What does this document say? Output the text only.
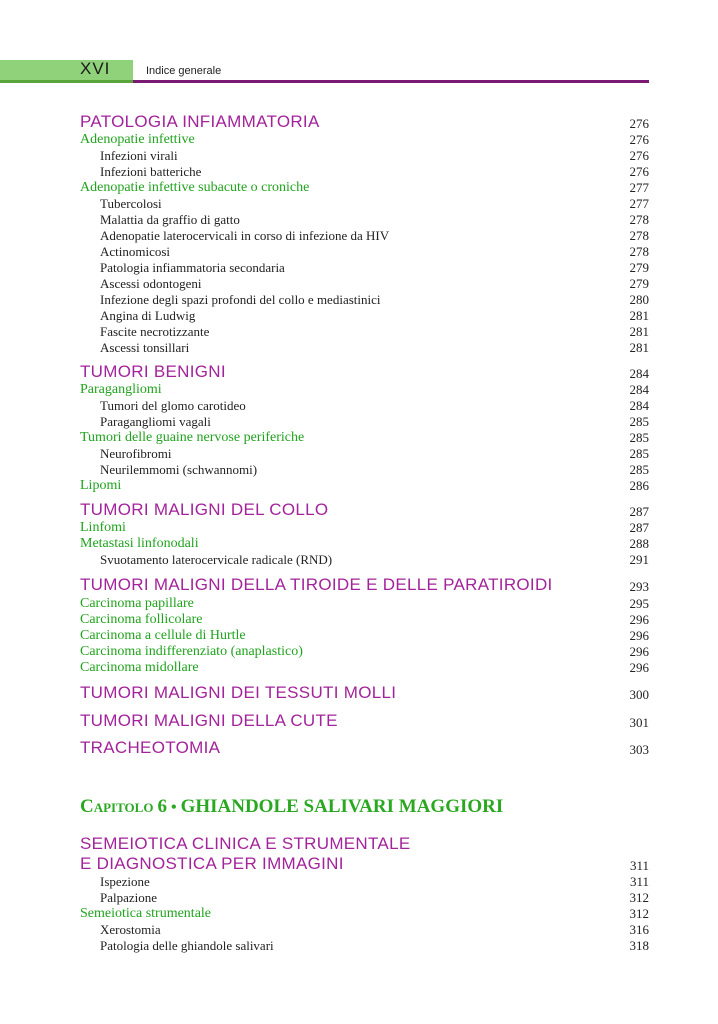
XVI	Indice generale
PATOLOGIA INFIAMMATORIA	276
Adenopatie infettive	276
Infezioni virali	276
Infezioni batteriche	276
Adenopatie infettive subacute o croniche	277
Tubercolosi	277
Malattia da graffio di gatto	278
Adenopatie laterocervicali in corso di infezione da HIV	278
Actinomicosi	278
Patologia infiammatoria secondaria	279
Ascessi odontogeni	279
Infezione degli spazi profondi del collo e mediastinici	280
Angina di Ludwig	281
Fascite necrotizzante	281
Ascessi tonsillari	281
TUMORI BENIGNI	284
Paragangliomi	284
Tumori del glomo carotideo	284
Paragangliomi vagali	285
Tumori delle guaine nervose periferiche	285
Neurofibromi	285
Neurilemmomi (schwannomi)	285
Lipomi	286
TUMORI MALIGNI DEL COLLO	287
Linfomi	287
Metastasi linfonodali	288
Svuotamento laterocervicale radicale (RND)	291
TUMORI MALIGNI DELLA TIROIDE E DELLE PARATIROIDI	293
Carcinoma papillare	295
Carcinoma follicolare	296
Carcinoma a cellule di Hurtle	296
Carcinoma indifferenziato (anaplastico)	296
Carcinoma midollare	296
TUMORI MALIGNI DEI TESSUTI MOLLI	300
TUMORI MALIGNI DELLA CUTE	301
TRACHEOTOMIA	303
Capitolo 6 • GHIANDOLE SALIVARI MAGGIORI
SEMEIOTICA CLINICA E STRUMENTALE
E DIAGNOSTICA PER IMMAGINI	311
Ispezione	311
Palpazione	312
Semeiotica strumentale	312
Xerostomia	316
Patologia delle ghiandole salivari	318
